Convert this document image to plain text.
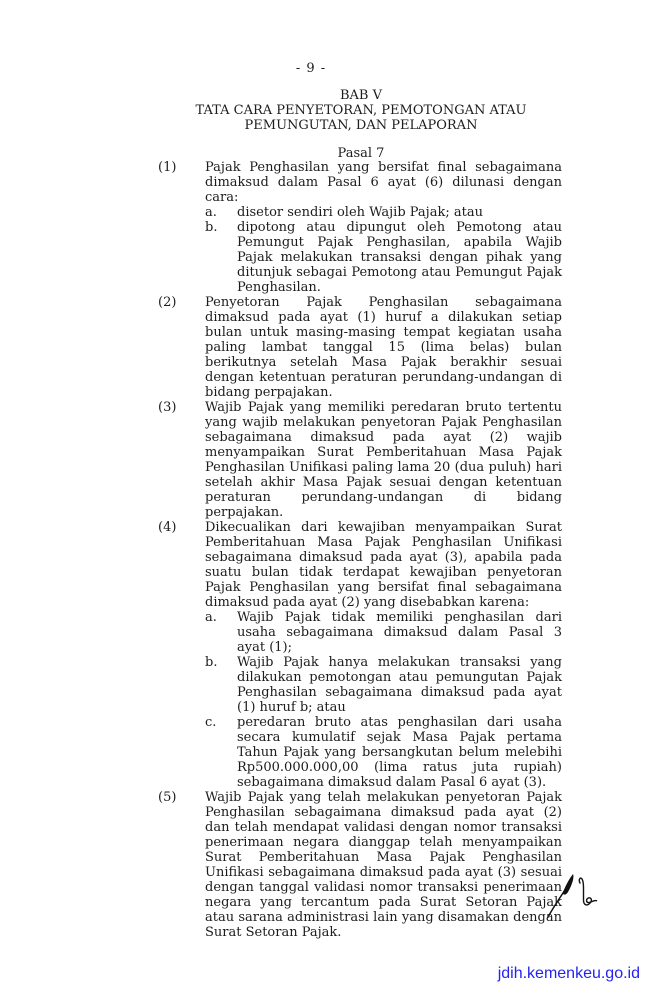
- 9 -
BAB V
TATA CARA PENYETORAN, PEMOTONGAN ATAU
PEMUNGUTAN, DAN PELAPORAN
Pasal 7
(1)	Pajak Penghasilan yang bersifat final sebagaimana dimaksud dalam Pasal 6 ayat (6) dilunasi dengan cara:

a.	disetor sendiri oleh Wajib Pajak; atau
b.	dipotong atau dipungut oleh Pemotong atau Pemungut Pajak Penghasilan, apabila Wajib Pajak melakukan transaksi dengan pihak yang ditunjuk sebagai Pemotong atau Pemungut Pajak Penghasilan.
(2)	Penyetoran Pajak Penghasilan sebagaimana dimaksud pada ayat (1) huruf a dilakukan setiap bulan untuk masing-masing tempat kegiatan usaha paling lambat tanggal 15 (lima belas) bulan berikutnya setelah Masa Pajak berakhir sesuai dengan ketentuan peraturan perundang-undangan di bidang perpajakan.

(3)	Wajib Pajak yang memiliki peredaran bruto tertentu yang wajib melakukan penyetoran Pajak Penghasilan sebagaimana dimaksud pada ayat (2) wajib menyampaikan Surat Pemberitahuan Masa Pajak Penghasilan Unifikasi paling lama 20 (dua puluh) hari setelah akhir Masa Pajak sesuai dengan ketentuan peraturan perundang-undangan di bidang perpajakan.

(4)	Dikecualikan dari kewajiban menyampaikan Surat Pemberitahuan Masa Pajak Penghasilan Unifikasi sebagaimana dimaksud pada ayat (3), apabila pada suatu bulan tidak terdapat kewajiban penyetoran Pajak Penghasilan yang bersifat final sebagaimana dimaksud pada ayat (2) yang disebabkan karena:

a.	Wajib Pajak tidak memiliki penghasilan dari usaha sebagaimana dimaksud dalam Pasal 3 ayat (1);
b.	Wajib Pajak hanya melakukan transaksi yang dilakukan pemotongan atau pemungutan Pajak Penghasilan sebagaimana dimaksud pada ayat (1) huruf b; atau
c.	peredaran bruto atas penghasilan dari usaha secara kumulatif sejak Masa Pajak pertama Tahun Pajak yang bersangkutan belum melebihi Rp500.000.000,00 (lima ratus juta rupiah) sebagaimana dimaksud dalam Pasal 6 ayat (3).
(5)	Wajib Pajak yang telah melakukan penyetoran Pajak Penghasilan sebagaimana dimaksud pada ayat (2) dan telah mendapat validasi dengan nomor transaksi penerimaan negara dianggap telah menyampaikan Surat Pemberitahuan Masa Pajak Penghasilan Unifikasi sebagaimana dimaksud pada ayat (3) sesuai dengan tanggal validasi nomor transaksi penerimaan negara yang tercantum pada Surat Setoran Pajak atau sarana administrasi lain yang disamakan dengan Surat Setoran Pajak.

jdih.kemenkeu.go.id
